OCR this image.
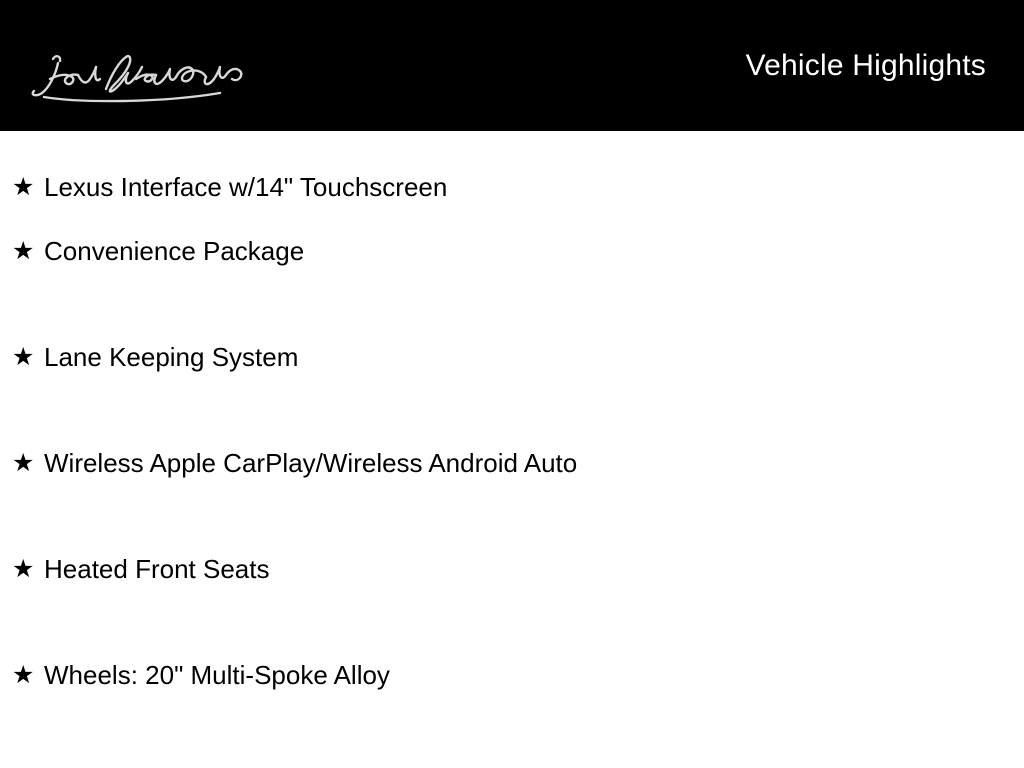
Vehicle Highlights
★ Lexus Interface w/14" Touchscreen
★ Convenience Package
★ Lane Keeping System
★ Wireless Apple CarPlay/Wireless Android Auto
★ Heated Front Seats
★ Wheels: 20" Multi-Spoke Alloy
